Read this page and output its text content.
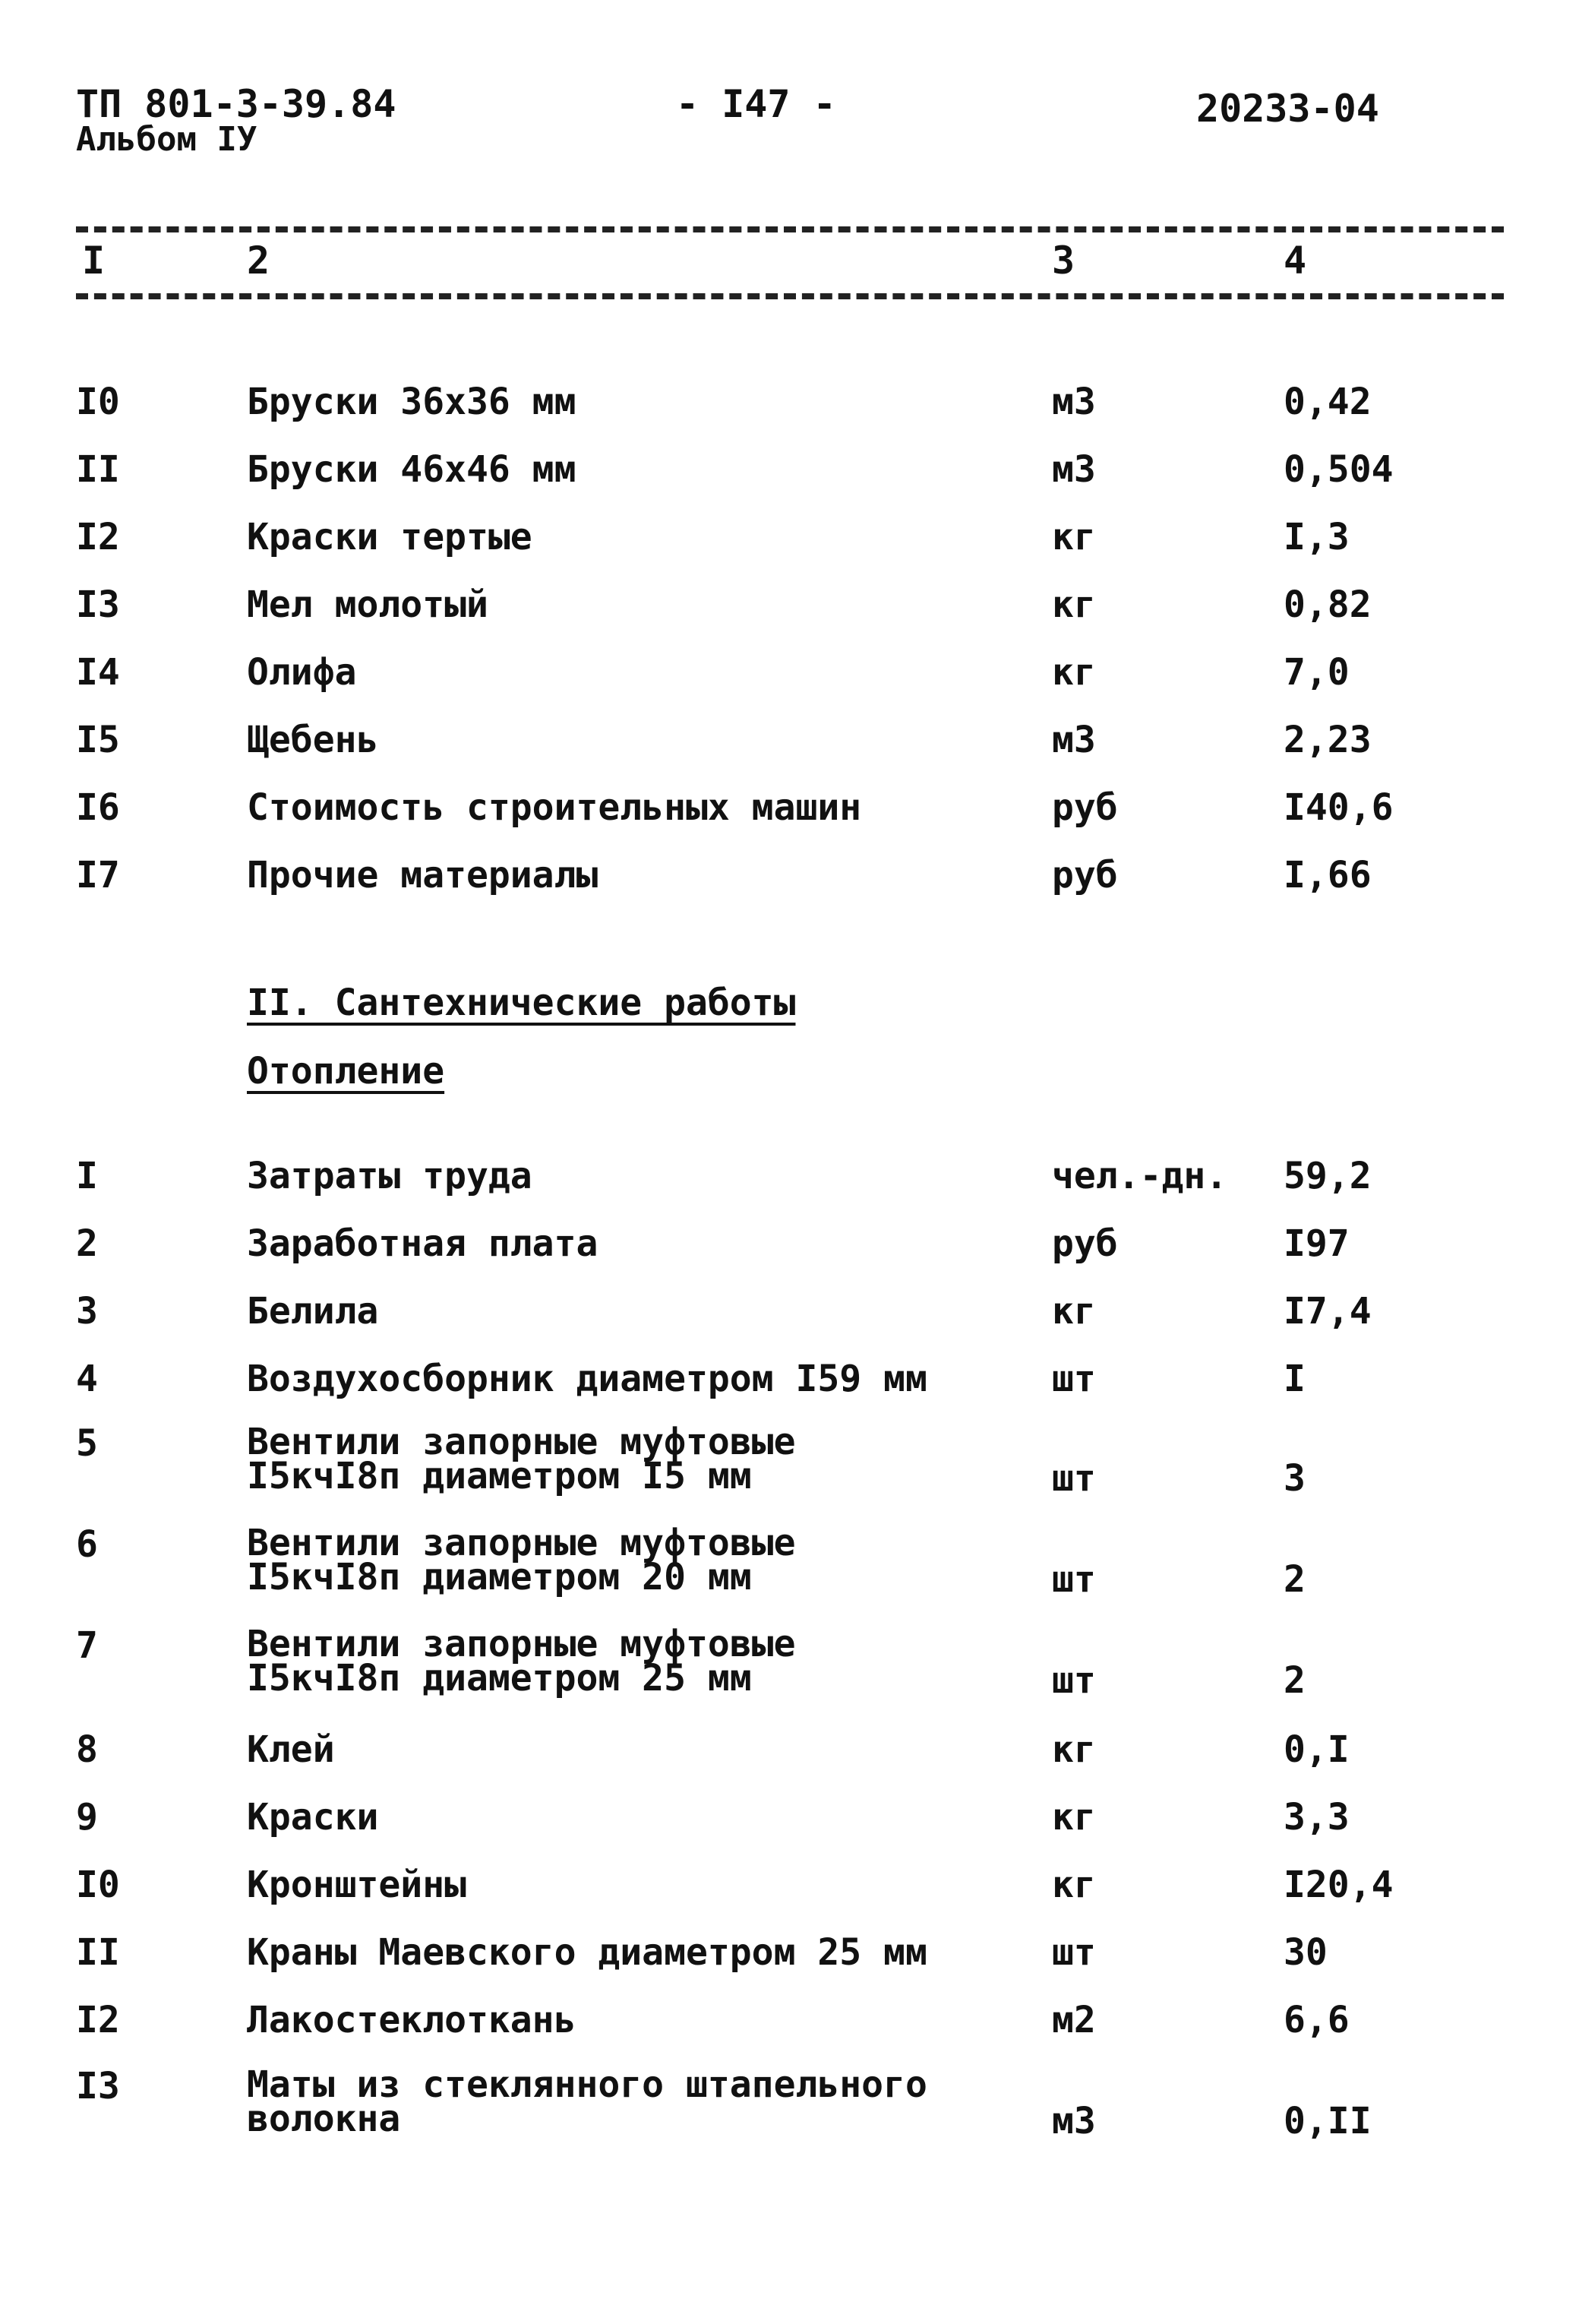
ТП 801-3-39.84
Альбом IУ
- I47 -	20233-04
I	2	3	4
I0	Бруски 36х36 мм	м3	0,42
II	Бруски 46х46 мм	м3	0,504
I2	Краски тертые	кг	I,3
I3	Мел молотый	кг	0,82
I4	Олифа	кг	7,0
I5	Щебень	м3	2,23
I6	Стоимость строительных машин	руб	I40,6
I7	Прочие материалы	руб	I,66
II. Сантехнические работы
Отопление
I	Затраты труда	чел.-дн. 59,2
2	Заработная плата	руб	I97
3	Белила	кг	I7,4
4	Воздухосборник диаметром I59 мм	шт	I
5	Вентили запорные муфтовые
I5кчI8п диаметром I5 мм	шт	3
6	Вентили запорные муфтовые
I5кчI8п диаметром 20 мм	шт	2
7	Вентили запорные муфтовые
I5кчI8п диаметром 25 мм	шт	2
8	Клей	кг	0,I
9	Краски	кг	3,3
I0	Кронштейны	кг	I20,4
II	Краны Маевского диаметром 25 мм	шт	30
I2	Лакостеклоткань	м2	6,6
I3	Маты из стеклянного штапельного
волокна	м3	0,II
